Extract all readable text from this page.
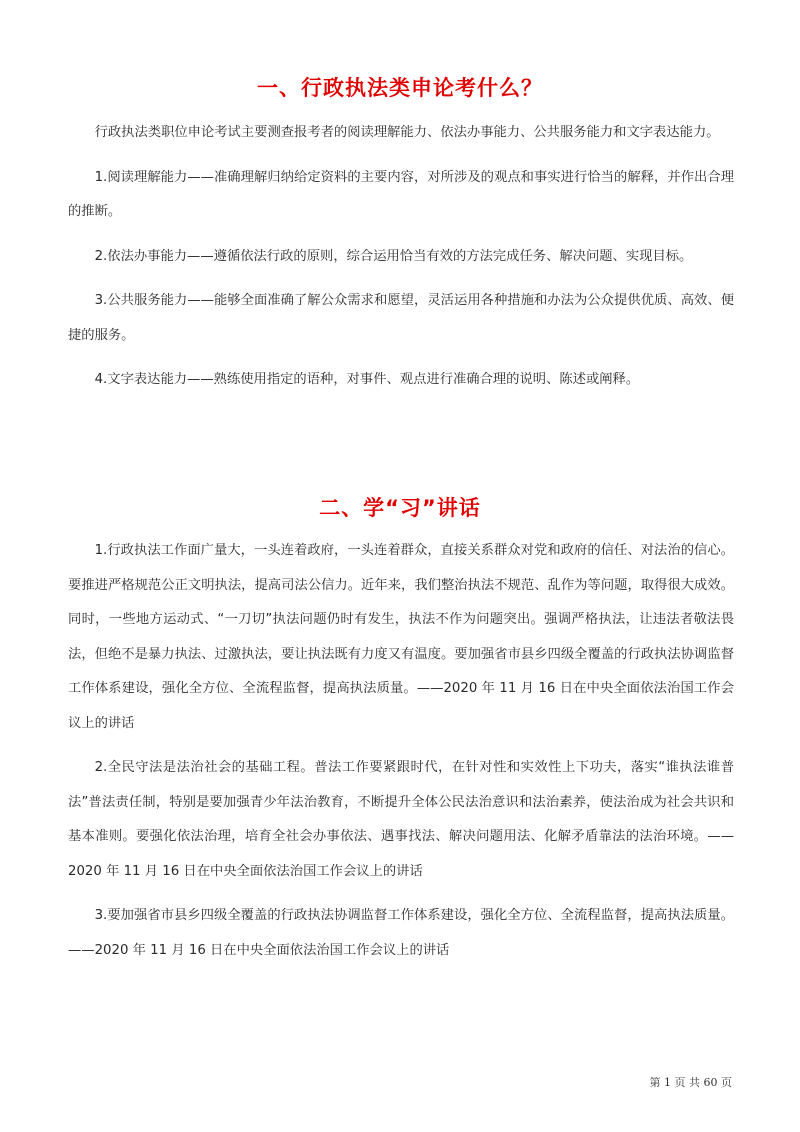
一、行政执法类申论考什么？

行政执法类职位申论考试主要测查报考者的阅读理解能力、依法办事能力、公共服务能力和文字表达能力。

1.阅读理解能力——准确理解归纳给定资料的主要内容，对所涉及的观点和事实进行恰当的解释，并作出合理的推断。

2.依法办事能力——遵循依法行政的原则，综合运用恰当有效的方法完成任务、解决问题、实现目标。

3.公共服务能力——能够全面准确了解公众需求和愿望，灵活运用各种措施和办法为公众提供优质、高效、便捷的服务。

4.文字表达能力——熟练使用指定的语种，对事件、观点进行准确合理的说明、陈述或阐释。

二、学“习”讲话

1.行政执法工作面广量大，一头连着政府，一头连着群众，直接关系群众对党和政府的信任、对法治的信心。要推进严格规范公正文明执法，提高司法公信力。近年来，我们整治执法不规范、乱作为等问题，取得很大成效。同时，一些地方运动式、“一刀切”执法问题仍时有发生，执法不作为问题突出。强调严格执法，让违法者敬法畏法，但绝不是暴力执法、过激执法，要让执法既有力度又有温度。要加强省市县乡四级全覆盖的行政执法协调监督工作体系建设，强化全方位、全流程监督，提高执法质量。——2020 年 11 月 16 日在中央全面依法治国工作会议上的讲话

2.全民守法是法治社会的基础工程。普法工作要紧跟时代，在针对性和实效性上下功夫，落实“谁执法谁普法”普法责任制，特别是要加强青少年法治教育，不断提升全体公民法治意识和法治素养，使法治成为社会共识和基本准则。要强化依法治理，培育全社会办事依法、遇事找法、解决问题用法、化解矛盾靠法的法治环境。——2020 年 11 月 16 日在中央全面依法治国工作会议上的讲话

3.要加强省市县乡四级全覆盖的行政执法协调监督工作体系建设，强化全方位、全流程监督，提高执法质量。——2020 年 11 月 16 日在中央全面依法治国工作会议上的讲话

第 1 页 共 60 页
